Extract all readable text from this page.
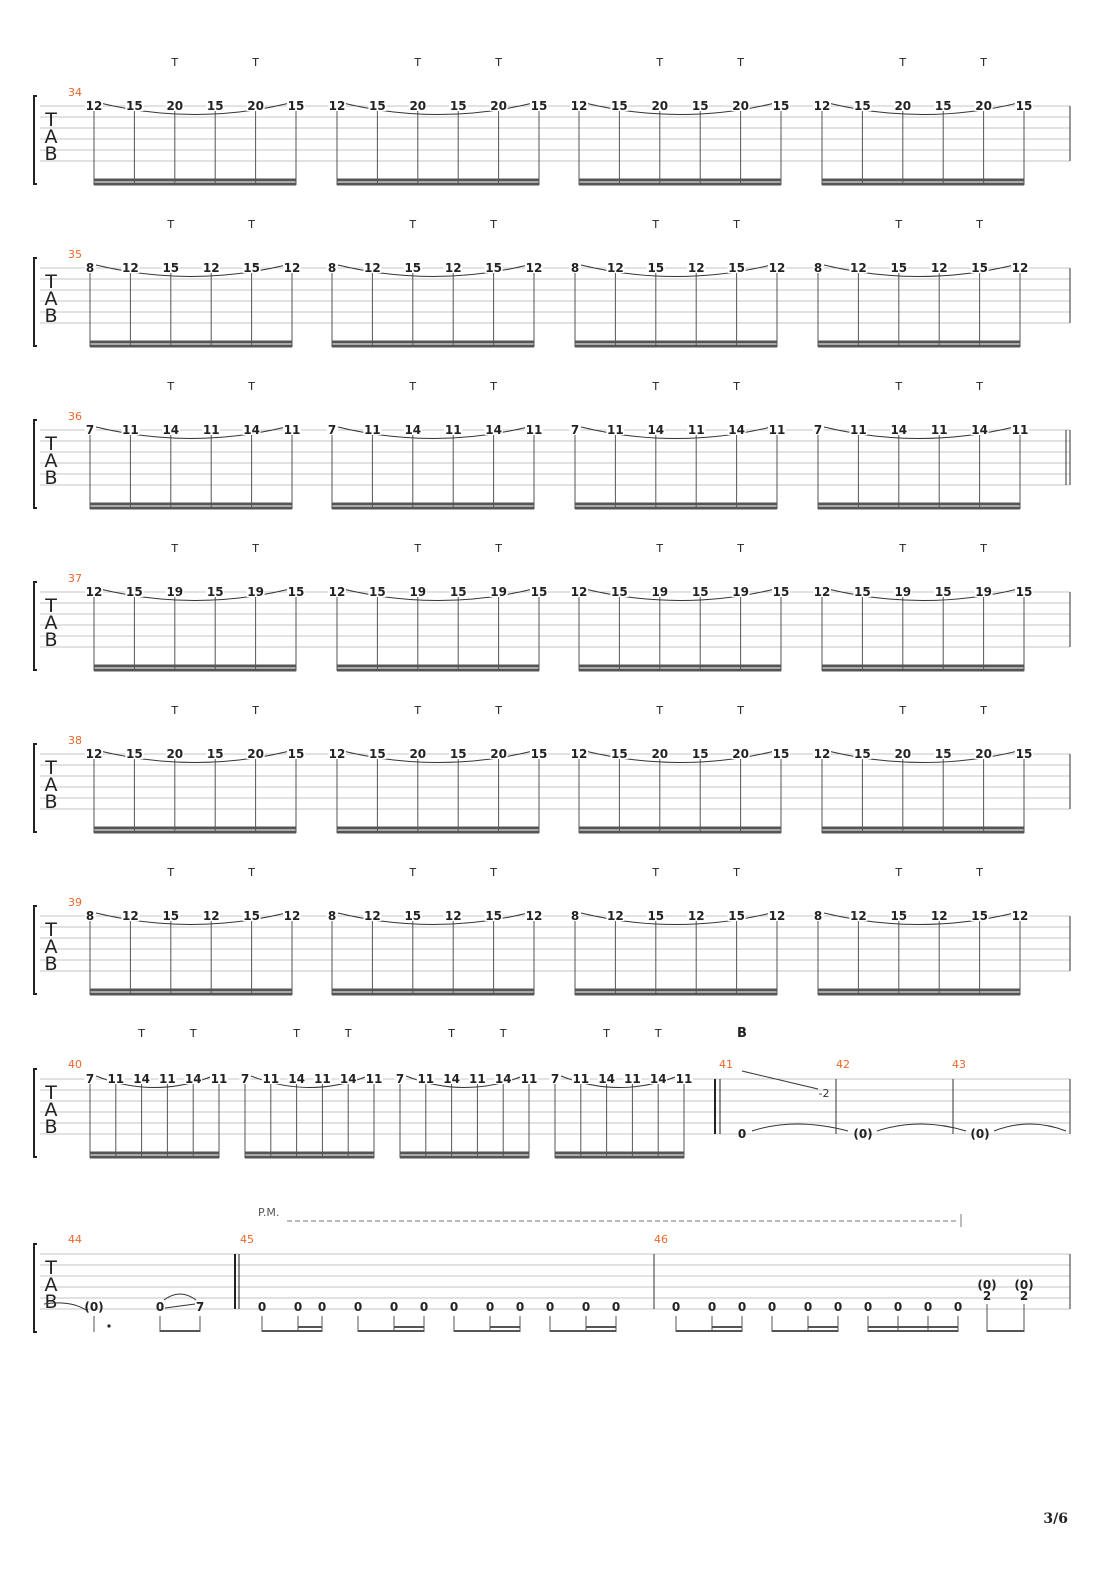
T
A
B
34
12 15 20 15 20 15
T	T
12 15 20 15 20 15
T	T
12 15 20 15 20 15
T	T
12 15 20 15 20 15
T	T
T
A
B
35
8 12 15 12 15 12
T	T
8 12 15 12 15 12
T	T
8 12 15 12 15 12
T	T
8 12 15 12 15 12
T	T
T
A
B
36
7 11 14 11 14 11
T	T
7 11 14 11 14 11
T	T
7 11 14 11 14 11
T	T
7 11 14 11 14 11
T	T
T
A
B
37
12 15 19 15 19 15
T	T
12 15 19 15 19 15
T	T
12 15 19 15 19 15
T	T
12 15 19 15 19 15
T	T
T
A
B
38
12 15 20 15 20 15
T	T
12 15 20 15 20 15
T	T
12 15 20 15 20 15
T	T
12 15 20 15 20 15
T	T
T
A
B
39
8 12 15 12 15 12
T	T
8 12 15 12 15 12
T	T
8 12 15 12 15 12
T	T
8 12 15 12 15 12
T	T
T
A
B
40
7 11 14 11 14 11
T	T
7 11 14 11 14 11
T	T
7 11 14 11 14 11
T	T
7 11 14 11 14 11
T	T	B
41	42	43
0	(0)	(0)
-2
T
A
B
44	45	46
P.M.
(0)	0	7	0 0 0 0 0 0 0 0 0 0 0 0	0 0 0 0 0 0 0 0 0 0
(0)
2
(0)
2
3/6
